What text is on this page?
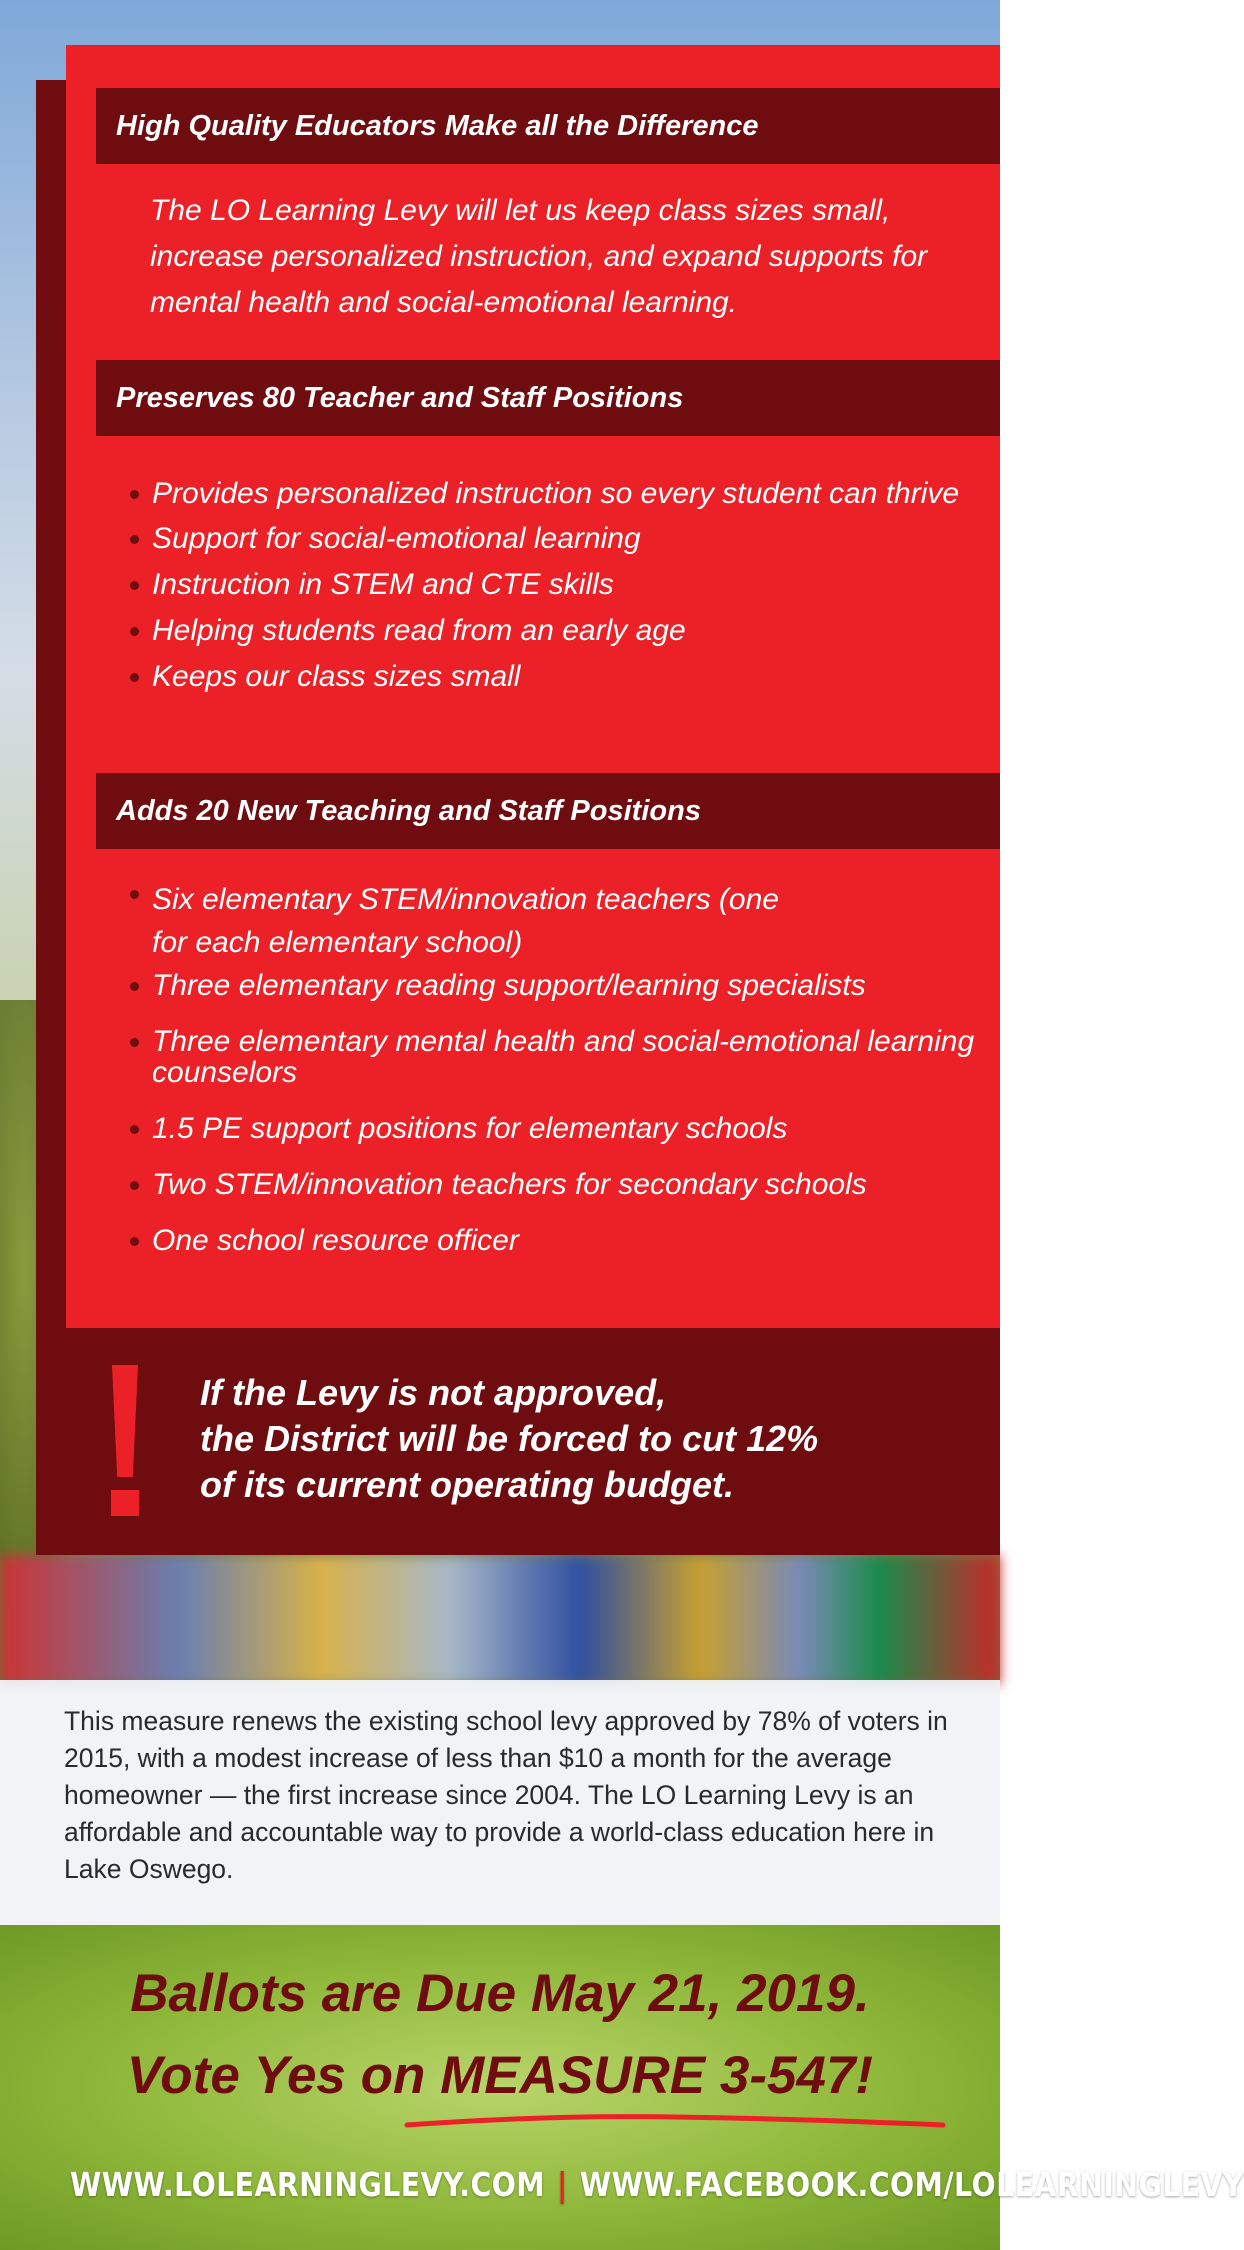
High Quality Educators Make all the Difference
The LO Learning Levy will let us keep class sizes small, increase personalized instruction, and expand supports for mental health and social-emotional learning.
Preserves 80 Teacher and Staff Positions
Provides personalized instruction so every student can thrive
Support for social-emotional learning
Instruction in STEM and CTE skills
Helping students read from an early age
Keeps our class sizes small
Adds 20 New Teaching and Staff Positions
Six elementary STEM/innovation teachers (one for each elementary school)
Three elementary reading support/learning specialists
Three elementary mental health and social-emotional learning counselors
1.5 PE support positions for elementary schools
Two STEM/innovation teachers for secondary schools
One school resource officer
If the Levy is not approved,
the District will be forced to cut 12%
of its current operating budget.
This measure renews the existing school levy approved by 78% of voters in 2015, with a modest increase of less than $10 a month for the average homeowner — the first increase since 2004. The LO Learning Levy is an affordable and accountable way to provide a world-class education here in Lake Oswego.
Ballots are Due May 21, 2019.
Vote Yes on MEASURE 3-547!
WWW.LOLEARNINGLEVY.COM | WWW.FACEBOOK.COM/LOLEARNINGLEVY
